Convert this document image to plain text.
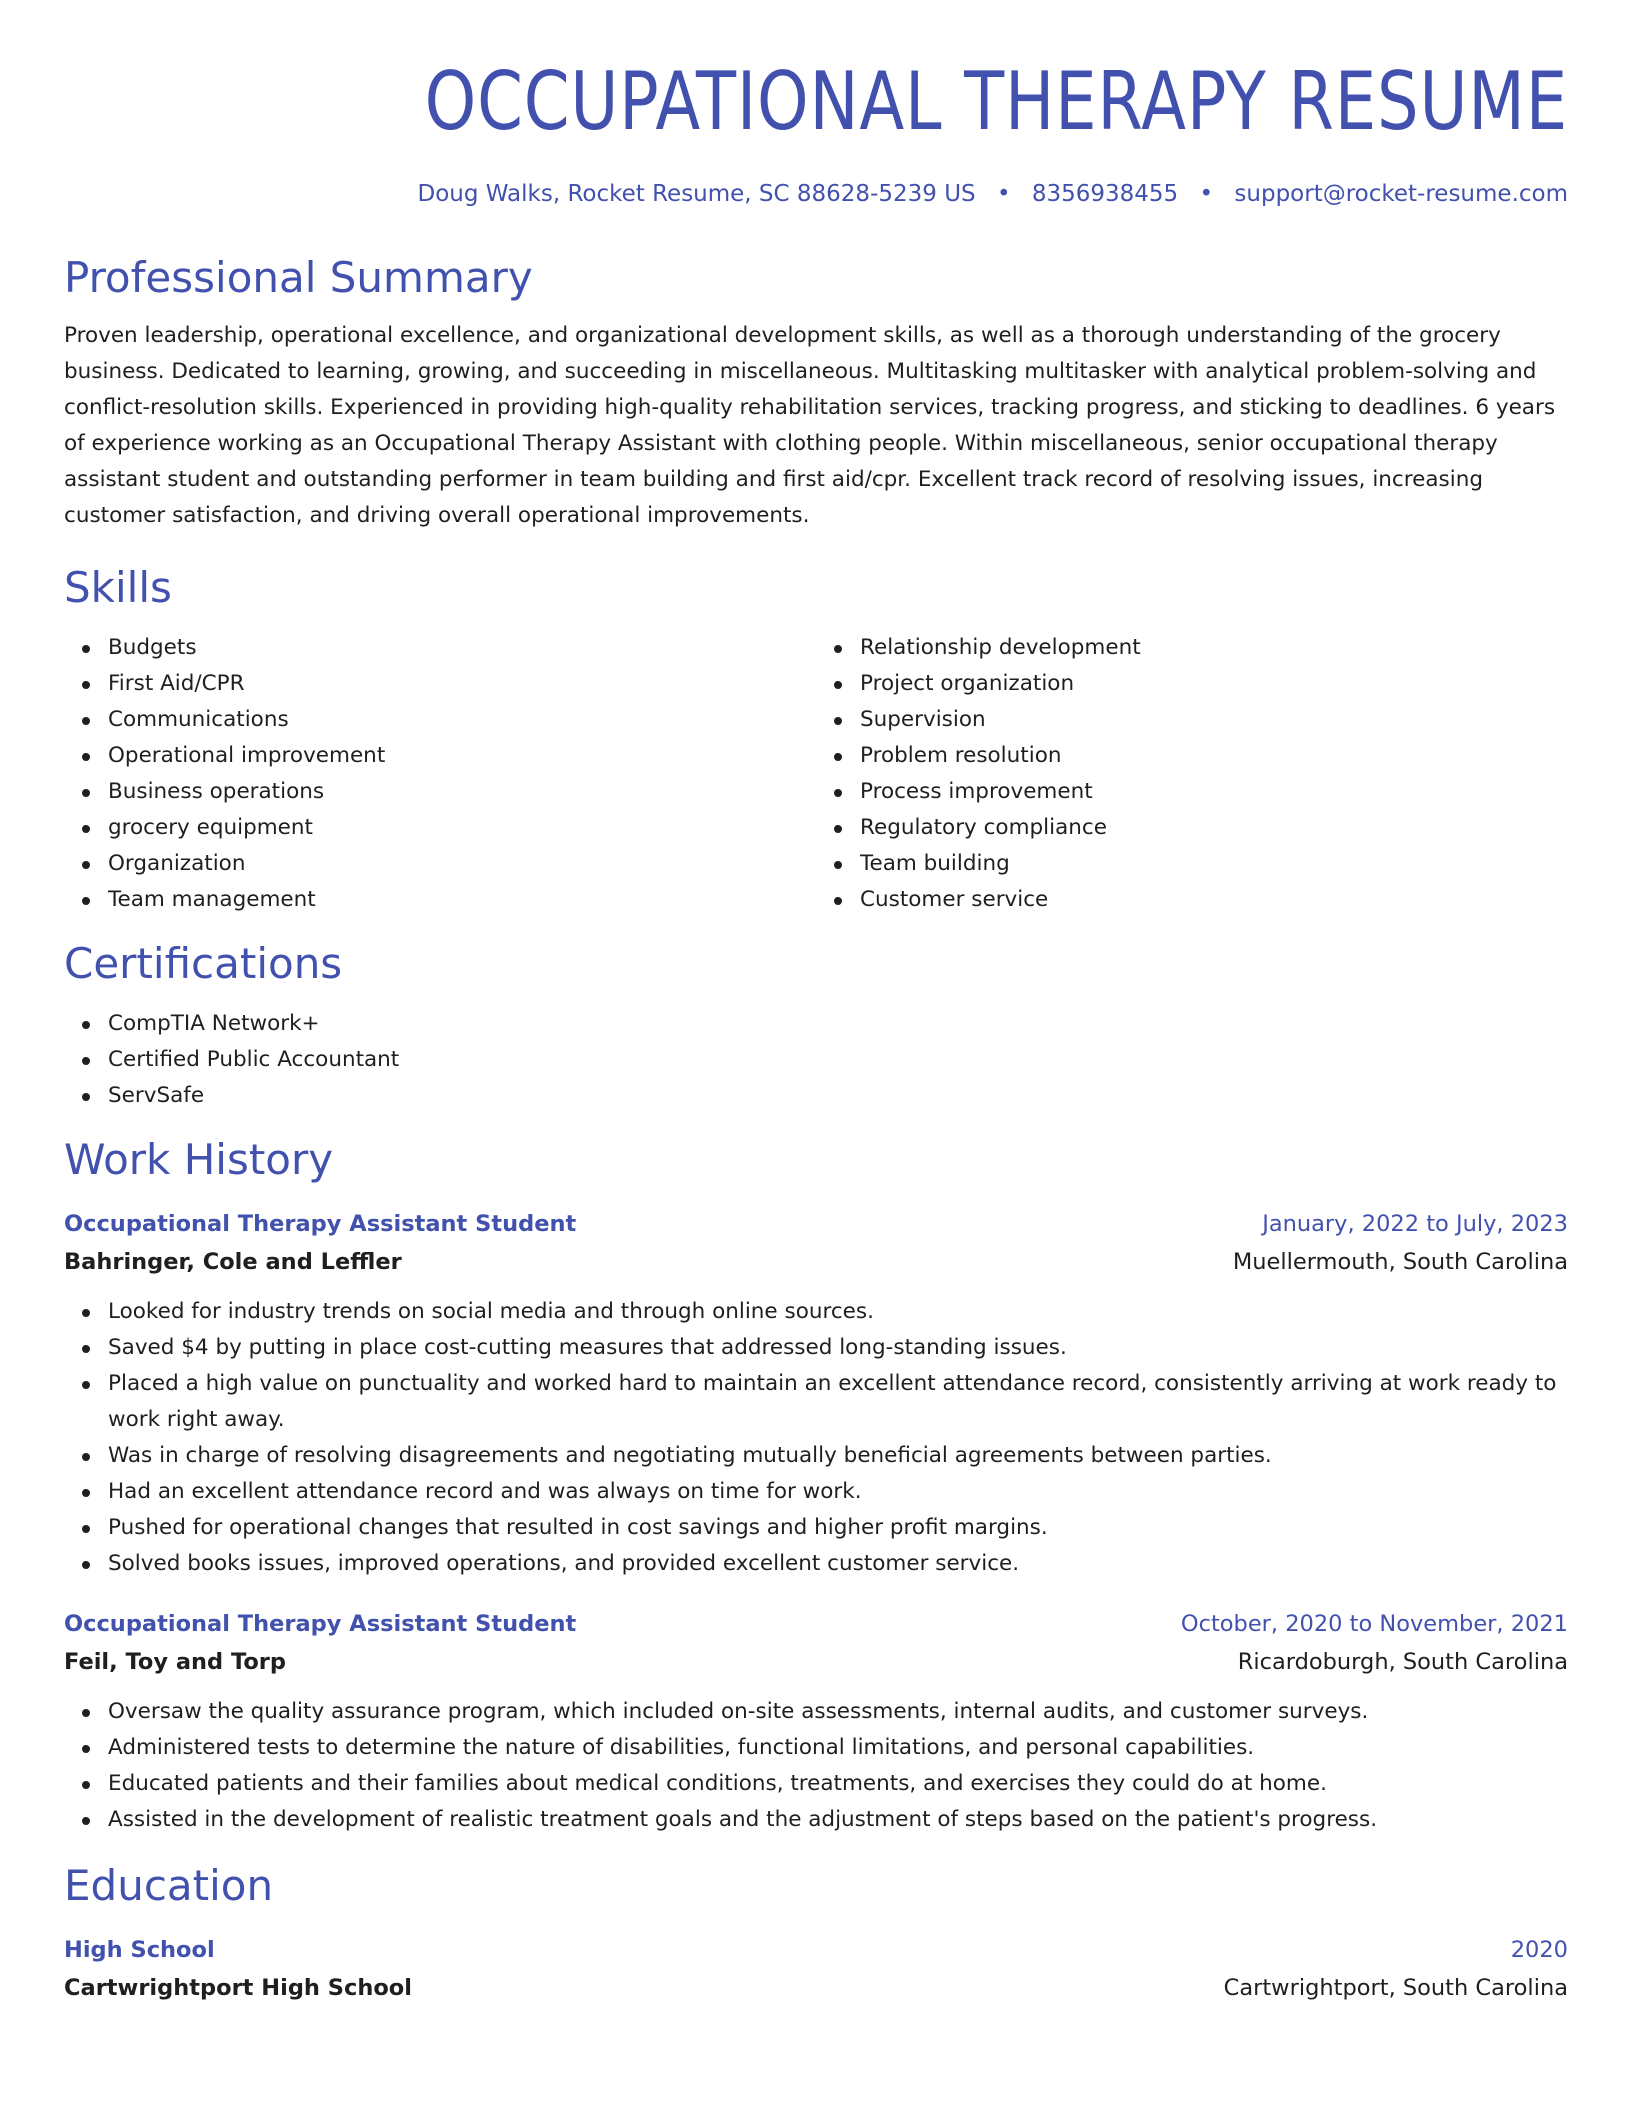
OCCUPATIONAL THERAPY RESUME
Doug Walks, Rocket Resume, SC 88628-5239 US • 8356938455 • support@rocket-resume.com
Professional Summary
Proven leadership, operational excellence, and organizational development skills, as well as a thorough understanding of the grocery business. Dedicated to learning, growing, and succeeding in miscellaneous. Multitasking multitasker with analytical problem-solving and conflict-resolution skills. Experienced in providing high-quality rehabilitation services, tracking progress, and sticking to deadlines. 6 years of experience working as an Occupational Therapy Assistant with clothing people. Within miscellaneous, senior occupational therapy assistant student and outstanding performer in team building and first aid/cpr. Excellent track record of resolving issues, increasing customer satisfaction, and driving overall operational improvements.
Skills
Budgets
First Aid/CPR
Communications
Operational improvement
Business operations
grocery equipment
Organization
Team management
Relationship development
Project organization
Supervision
Problem resolution
Process improvement
Regulatory compliance
Team building
Customer service
Certifications
CompTIA Network+
Certified Public Accountant
ServSafe
Work History
Occupational Therapy Assistant Student	January, 2022 to July, 2023
Bahringer, Cole and Leffler	Muellermouth, South Carolina
Looked for industry trends on social media and through online sources.
Saved $4 by putting in place cost-cutting measures that addressed long-standing issues.
Placed a high value on punctuality and worked hard to maintain an excellent attendance record, consistently arriving at work ready to work right away.
Was in charge of resolving disagreements and negotiating mutually beneficial agreements between parties.
Had an excellent attendance record and was always on time for work.
Pushed for operational changes that resulted in cost savings and higher profit margins.
Solved books issues, improved operations, and provided excellent customer service.
Occupational Therapy Assistant Student	October, 2020 to November, 2021
Feil, Toy and Torp	Ricardoburgh, South Carolina
Oversaw the quality assurance program, which included on-site assessments, internal audits, and customer surveys.
Administered tests to determine the nature of disabilities, functional limitations, and personal capabilities.
Educated patients and their families about medical conditions, treatments, and exercises they could do at home.
Assisted in the development of realistic treatment goals and the adjustment of steps based on the patient's progress.
Education
High School	2020
Cartwrightport High School	Cartwrightport, South Carolina
